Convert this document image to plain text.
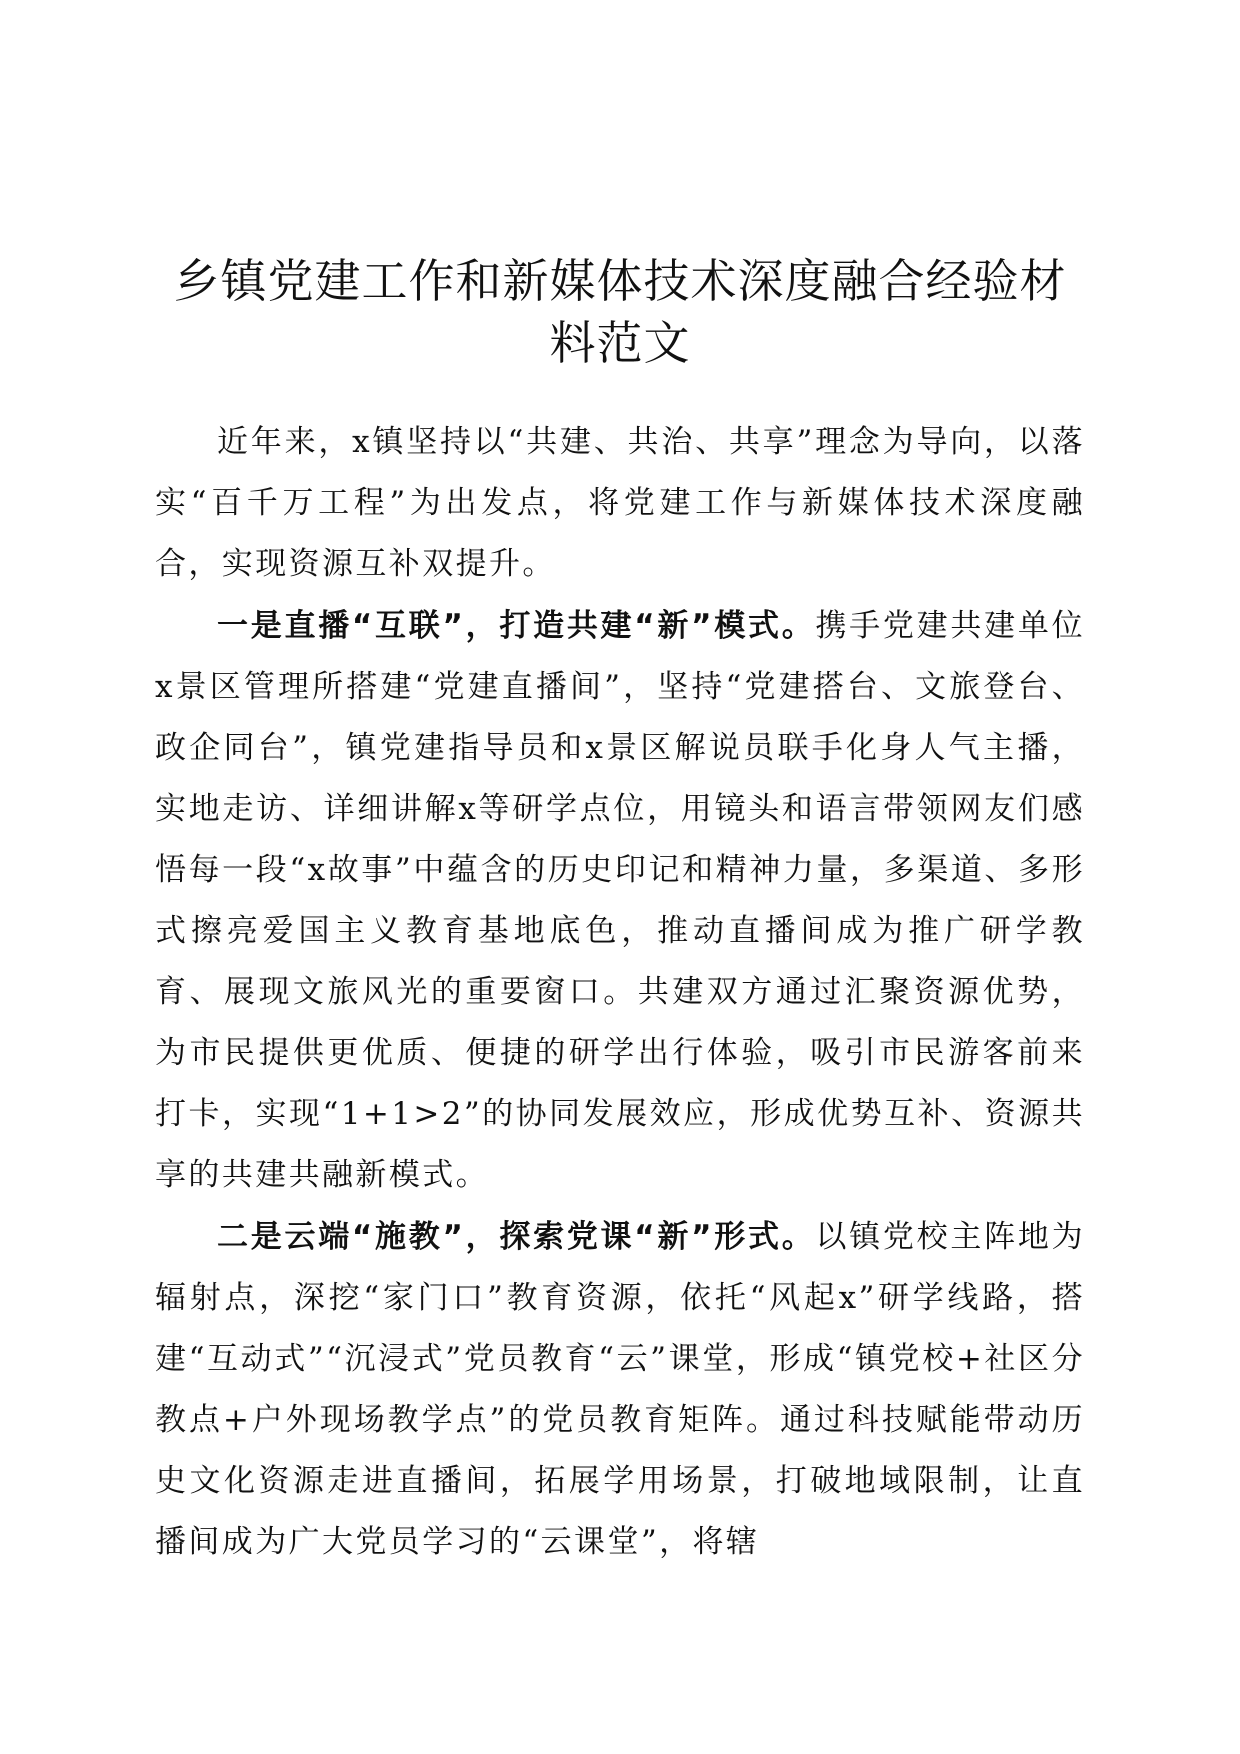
乡镇党建工作和新媒体技术深度融合经验材料范文

近年来，x镇坚持以“共建、共治、共享”理念为导向，以落实“百千万工程”为出发点，将党建工作与新媒体技术深度融合，实现资源互补双提升。

一是直播“互联”，打造共建“新”模式。携手党建共建单位x景区管理所搭建“党建直播间”，坚持“党建搭台、文旅登台、政企同台”，镇党建指导员和x景区解说员联手化身人气主播，实地走访、详细讲解x等研学点位，用镜头和语言带领网友们感悟每一段“x故事”中蕴含的历史印记和精神力量，多渠道、多形式擦亮爱国主义教育基地底色，推动直播间成为推广研学教育、展现文旅风光的重要窗口。共建双方通过汇聚资源优势，为市民提供更优质、便捷的研学出行体验，吸引市民游客前来打卡，实现“1+1>2”的协同发展效应，形成优势互补、资源共享的共建共融新模式。

二是云端“施教”，探索党课“新”形式。以镇党校主阵地为辐射点，深挖“家门口”教育资源，依托“风起x”研学线路，搭建“互动式”“沉浸式”党员教育“云”课堂，形成“镇党校+社区分教点+户外现场教学点”的党员教育矩阵。通过科技赋能带动历史文化资源走进直播间，拓展学用场景，打破地域限制，让直播间成为广大党员学习的“云课堂”，将辖
